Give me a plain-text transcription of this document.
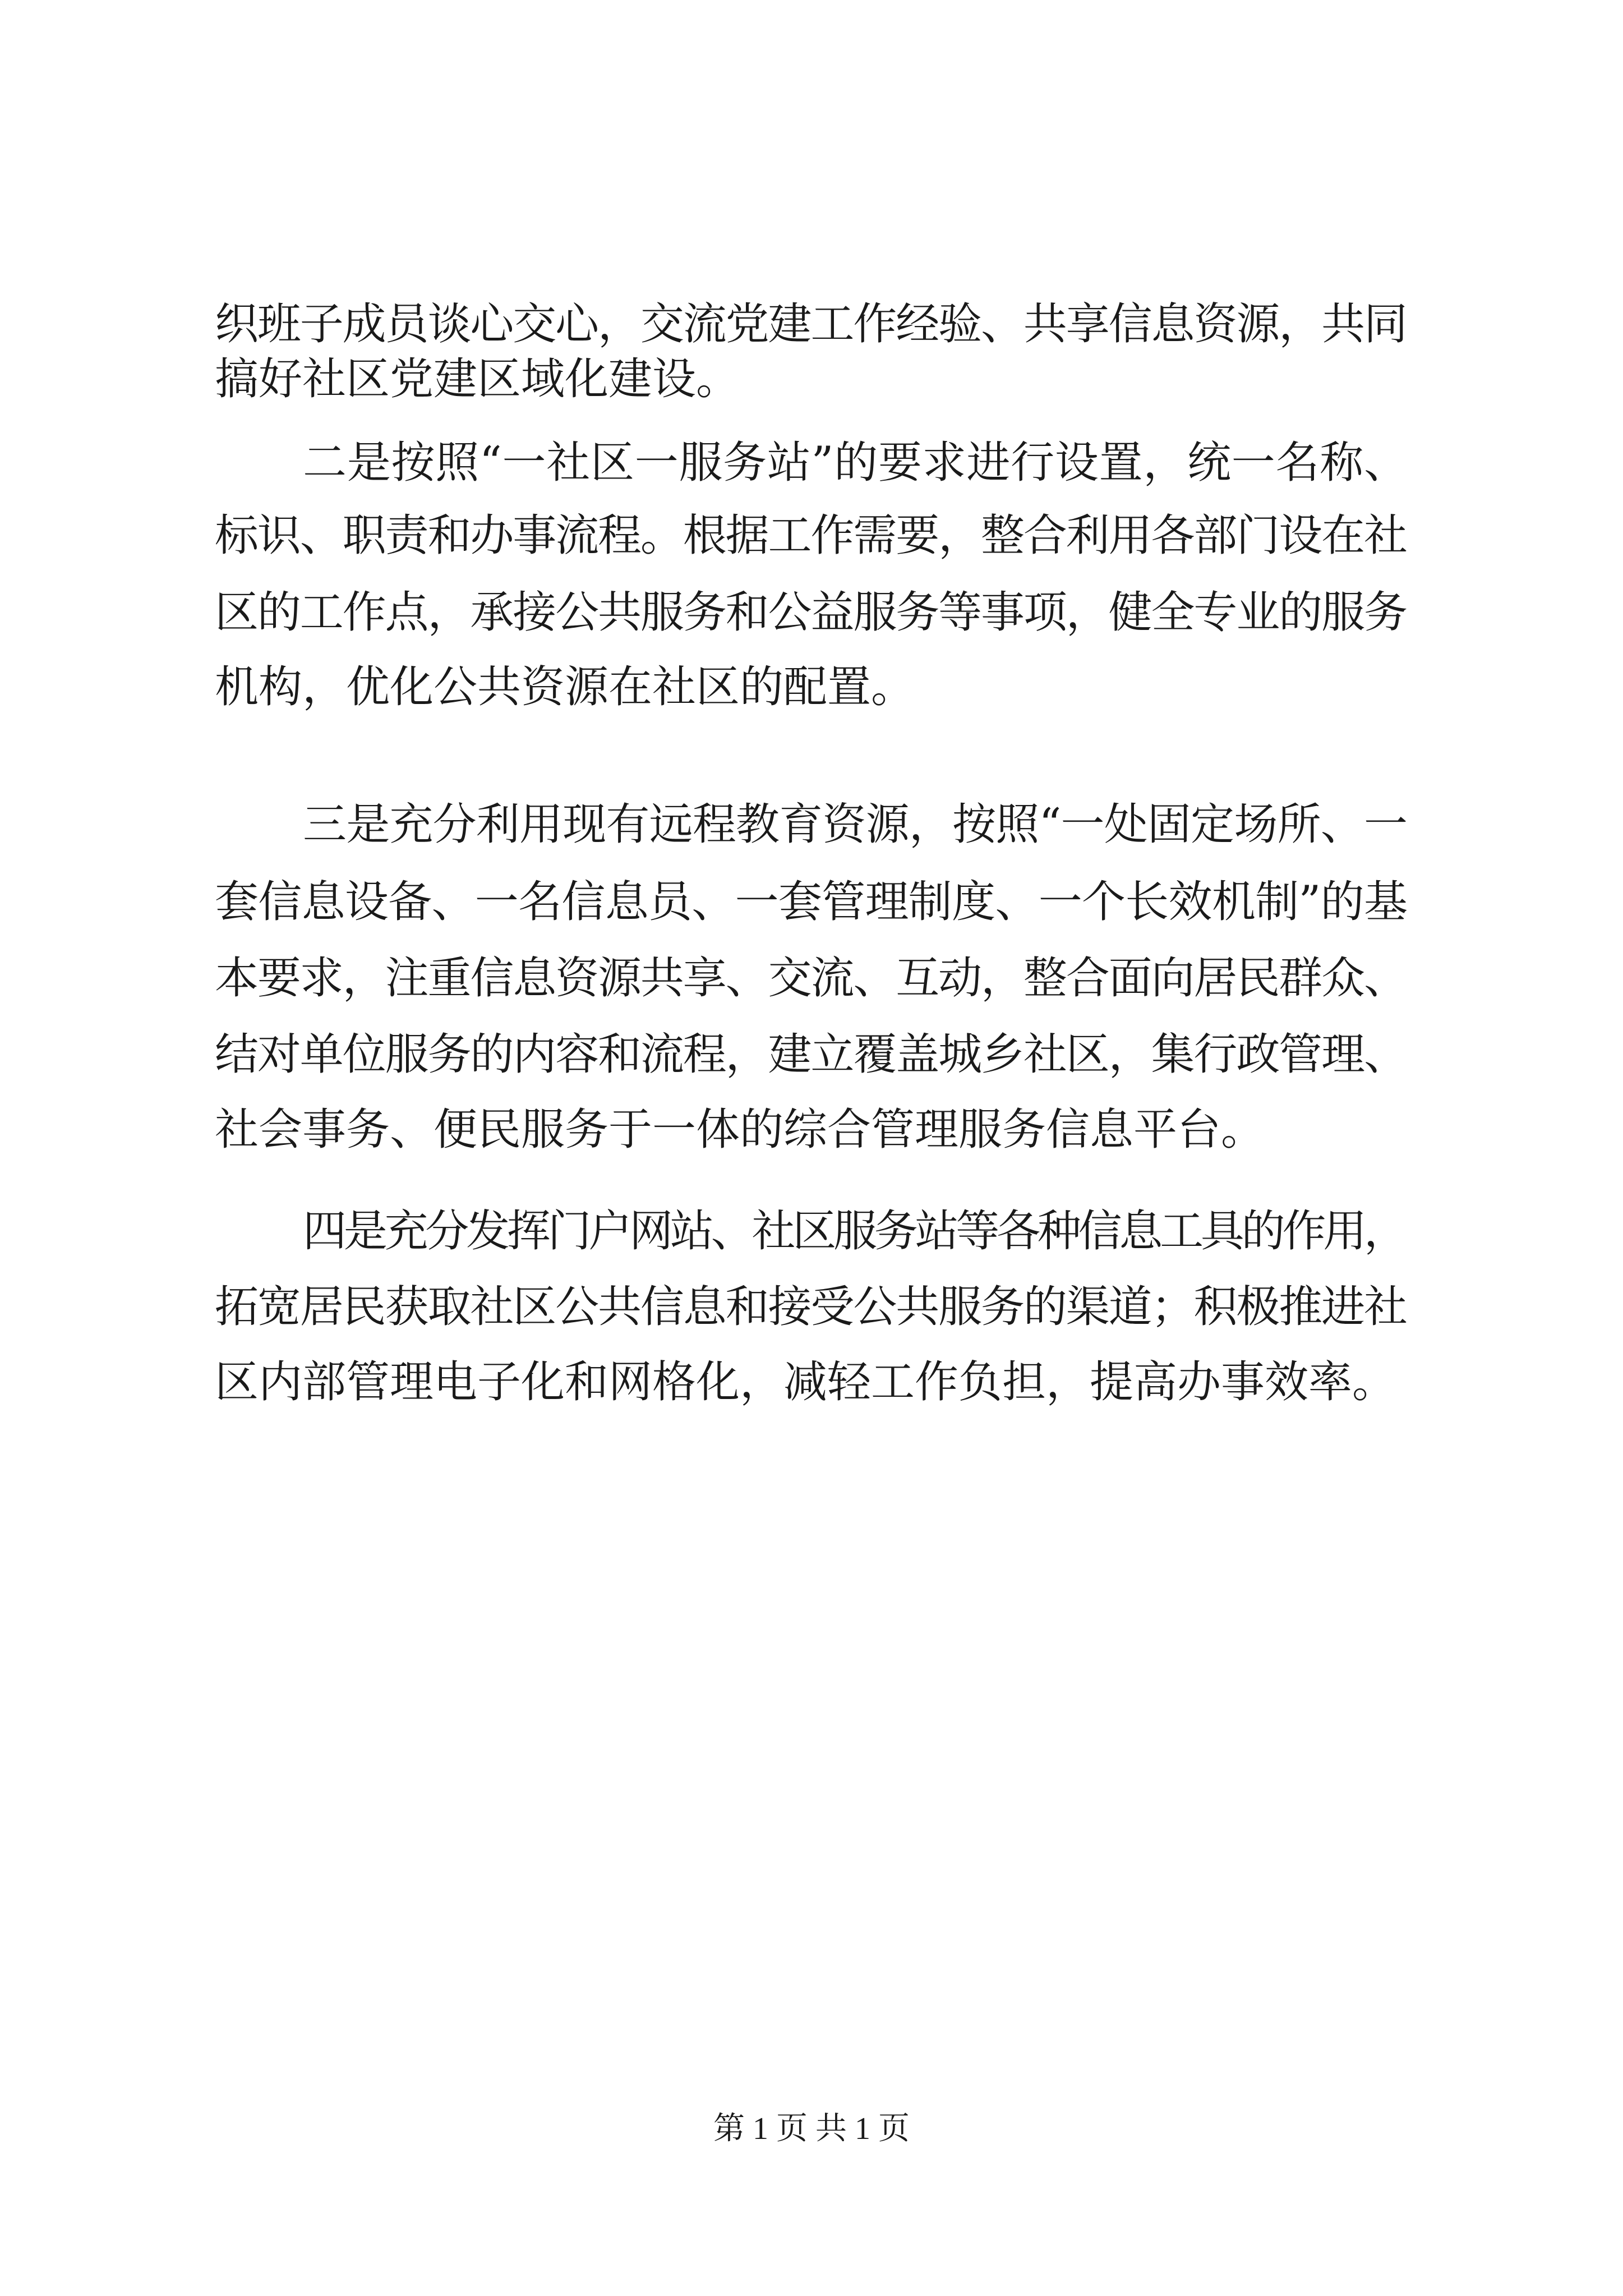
织班子成员谈心交心，交流党建工作经验、共享信息资源，共同
搞好社区党建区域化建设。
二是按照“一社区一服务站”的要求进行设置，统一名称、
标识、职责和办事流程。根据工作需要，整合利用各部门设在社
区的工作点，承接公共服务和公益服务等事项，健全专业的服务
机构，优化公共资源在社区的配置。
三是充分利用现有远程教育资源，按照“一处固定场所、一
套信息设备、一名信息员、一套管理制度、一个长效机制”的基
本要求，注重信息资源共享、交流、互动，整合面向居民群众、
结对单位服务的内容和流程，建立覆盖城乡社区，集行政管理、
社会事务、便民服务于一体的综合管理服务信息平台。
四是充分发挥门户网站、社区服务站等各种信息工具的作用，
拓宽居民获取社区公共信息和接受公共服务的渠道；积极推进社
区内部管理电子化和网格化，减轻工作负担，提高办事效率。
第 1 页 共 1 页
